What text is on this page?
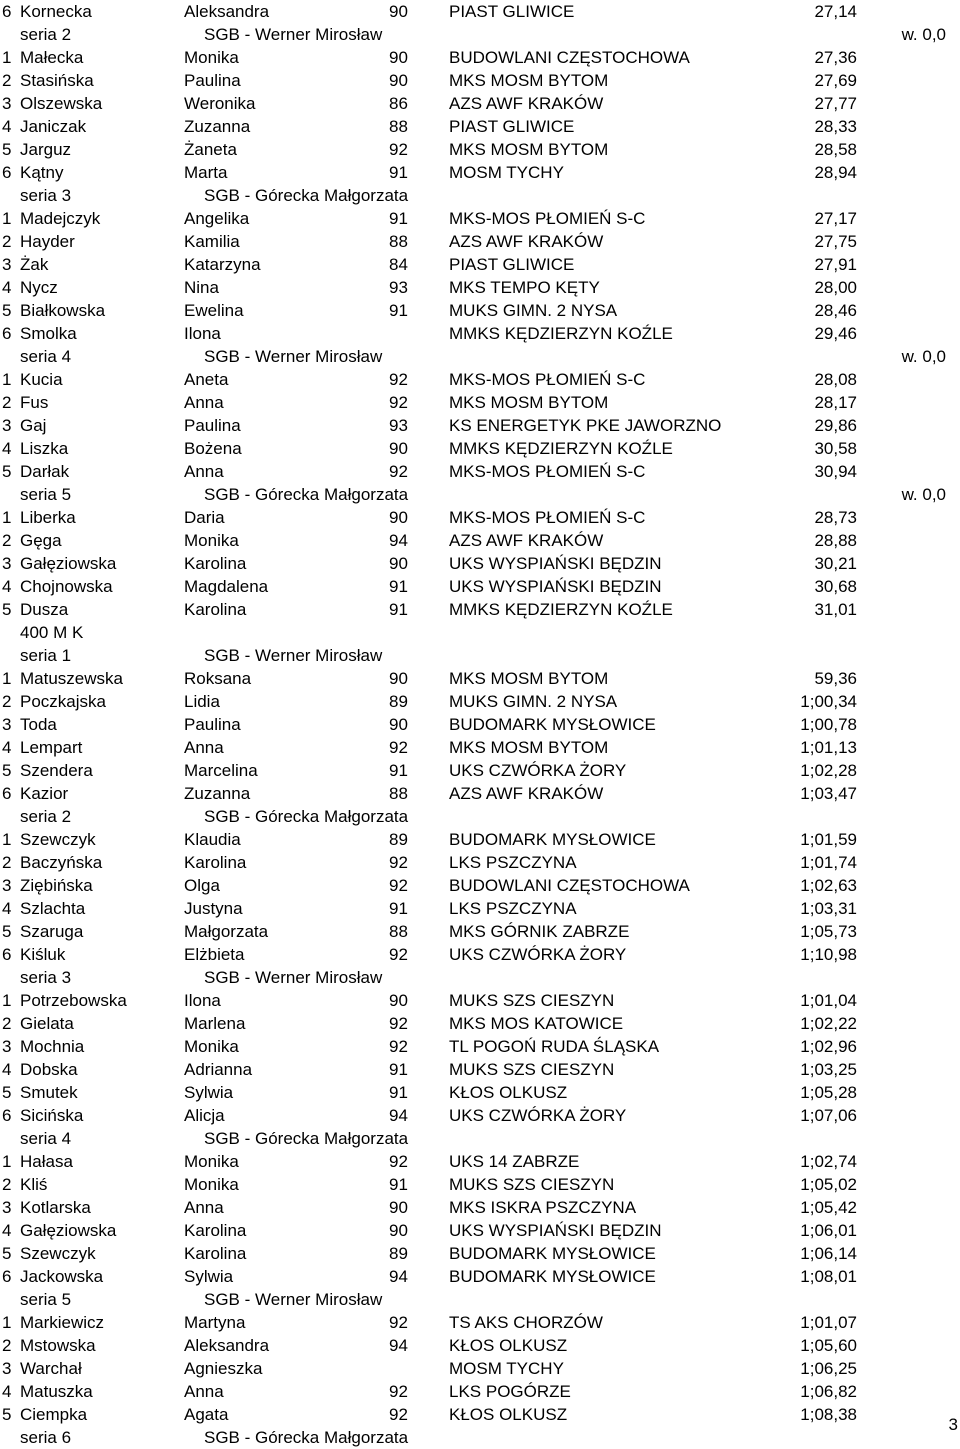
6 Kornecka	Aleksandra	90 PIAST GLIWICE	27,14
seria 2	SGB - Werner Mirosław	w. 0,0
1 Małecka	Monika	90 BUDOWLANI CZĘSTOCHOWA	27,36
2 Stasińska	Paulina	90 MKS MOSM BYTOM	27,69
3 Olszewska	Weronika	86 AZS AWF KRAKÓW	27,77
4 Janiczak	Zuzanna	88 PIAST GLIWICE	28,33
5 Jarguz	Żaneta	92 MKS MOSM BYTOM	28,58
6 Kątny	Marta	91 MOSM TYCHY	28,94
seria 3	SGB - Górecka Małgorzata
1 Madejczyk	Angelika	91 MKS-MOS PŁOMIEŃ S-C	27,17
2 Hayder	Kamilia	88 AZS AWF KRAKÓW	27,75
3 Żak	Katarzyna	84 PIAST GLIWICE	27,91
4 Nycz	Nina	93 MKS TEMPO KĘTY	28,00
5 Białkowska	Ewelina	91 MUKS GIMN. 2 NYSA	28,46
6 Smolka	Ilona	MMKS KĘDZIERZYN KOŹLE	29,46
seria 4	SGB - Werner Mirosław	w. 0,0
1 Kucia	Aneta	92 MKS-MOS PŁOMIEŃ S-C	28,08
2 Fus	Anna	92 MKS MOSM BYTOM	28,17
3 Gaj	Paulina	93 KS ENERGETYK PKE JAWORZNO	29,86
4 Liszka	Bożena	90 MMKS KĘDZIERZYN KOŹLE	30,58
5 Darłak	Anna	92 MKS-MOS PŁOMIEŃ S-C	30,94
seria 5	SGB - Górecka Małgorzata	w. 0,0
1 Liberka	Daria	90 MKS-MOS PŁOMIEŃ S-C	28,73
2 Gęga	Monika	94 AZS AWF KRAKÓW	28,88
3 Gałęziowska	Karolina	90 UKS WYSPIAŃSKI BĘDZIN	30,21
4 Chojnowska	Magdalena	91 UKS WYSPIAŃSKI BĘDZIN	30,68
5 Dusza	Karolina	91 MMKS KĘDZIERZYN KOŹLE	31,01
400 M K
seria 1	SGB - Werner Mirosław
1 Matuszewska	Roksana	90 MKS MOSM BYTOM	59,36
2 Poczkajska	Lidia	89 MUKS GIMN. 2 NYSA	1;00,34
3 Toda	Paulina	90 BUDOMARK MYSŁOWICE	1;00,78
4 Lempart	Anna	92 MKS MOSM BYTOM	1;01,13
5 Szendera	Marcelina	91 UKS CZWÓRKA ŻORY	1;02,28
6 Kazior	Zuzanna	88 AZS AWF KRAKÓW	1;03,47
seria 2	SGB - Górecka Małgorzata
1 Szewczyk	Klaudia	89 BUDOMARK MYSŁOWICE	1;01,59
2 Baczyńska	Karolina	92 LKS PSZCZYNA	1;01,74
3 Ziębińska	Olga	92 BUDOWLANI CZĘSTOCHOWA	1;02,63
4 Szlachta	Justyna	91 LKS PSZCZYNA	1;03,31
5 Szaruga	Małgorzata	88 MKS GÓRNIK ZABRZE	1;05,73
6 Kiśluk	Elżbieta	92 UKS CZWÓRKA ŻORY	1;10,98
seria 3	SGB - Werner Mirosław
1 Potrzebowska	Ilona	90 MUKS SZS CIESZYN	1;01,04
2 Gielata	Marlena	92 MKS MOS KATOWICE	1;02,22
3 Mochnia	Monika	92 TL POGOŃ RUDA ŚLĄSKA	1;02,96
4 Dobska	Adrianna	91 MUKS SZS CIESZYN	1;03,25
5 Smutek	Sylwia	91 KŁOS OLKUSZ	1;05,28
6 Sicińska	Alicja	94 UKS CZWÓRKA ŻORY	1;07,06
seria 4	SGB - Górecka Małgorzata
1 Hałasa	Monika	92 UKS 14 ZABRZE	1;02,74
2 Kliś	Monika	91 MUKS SZS CIESZYN	1;05,02
3 Kotlarska	Anna	90 MKS ISKRA PSZCZYNA	1;05,42
4 Gałęziowska	Karolina	90 UKS WYSPIAŃSKI BĘDZIN	1;06,01
5 Szewczyk	Karolina	89 BUDOMARK MYSŁOWICE	1;06,14
6 Jackowska	Sylwia	94 BUDOMARK MYSŁOWICE	1;08,01
seria 5	SGB - Werner Mirosław
1 Markiewicz	Martyna	92 TS AKS CHORZÓW	1;01,07
2 Mstowska	Aleksandra	94 KŁOS OLKUSZ	1;05,60
3 Warchał	Agnieszka	MOSM TYCHY	1;06,25
4 Matuszka	Anna	92 LKS POGÓRZE	1;06,82
5 Ciempka	Agata	92 KŁOS OLKUSZ	1;08,38
seria 6	SGB - Górecka Małgorzata
3
